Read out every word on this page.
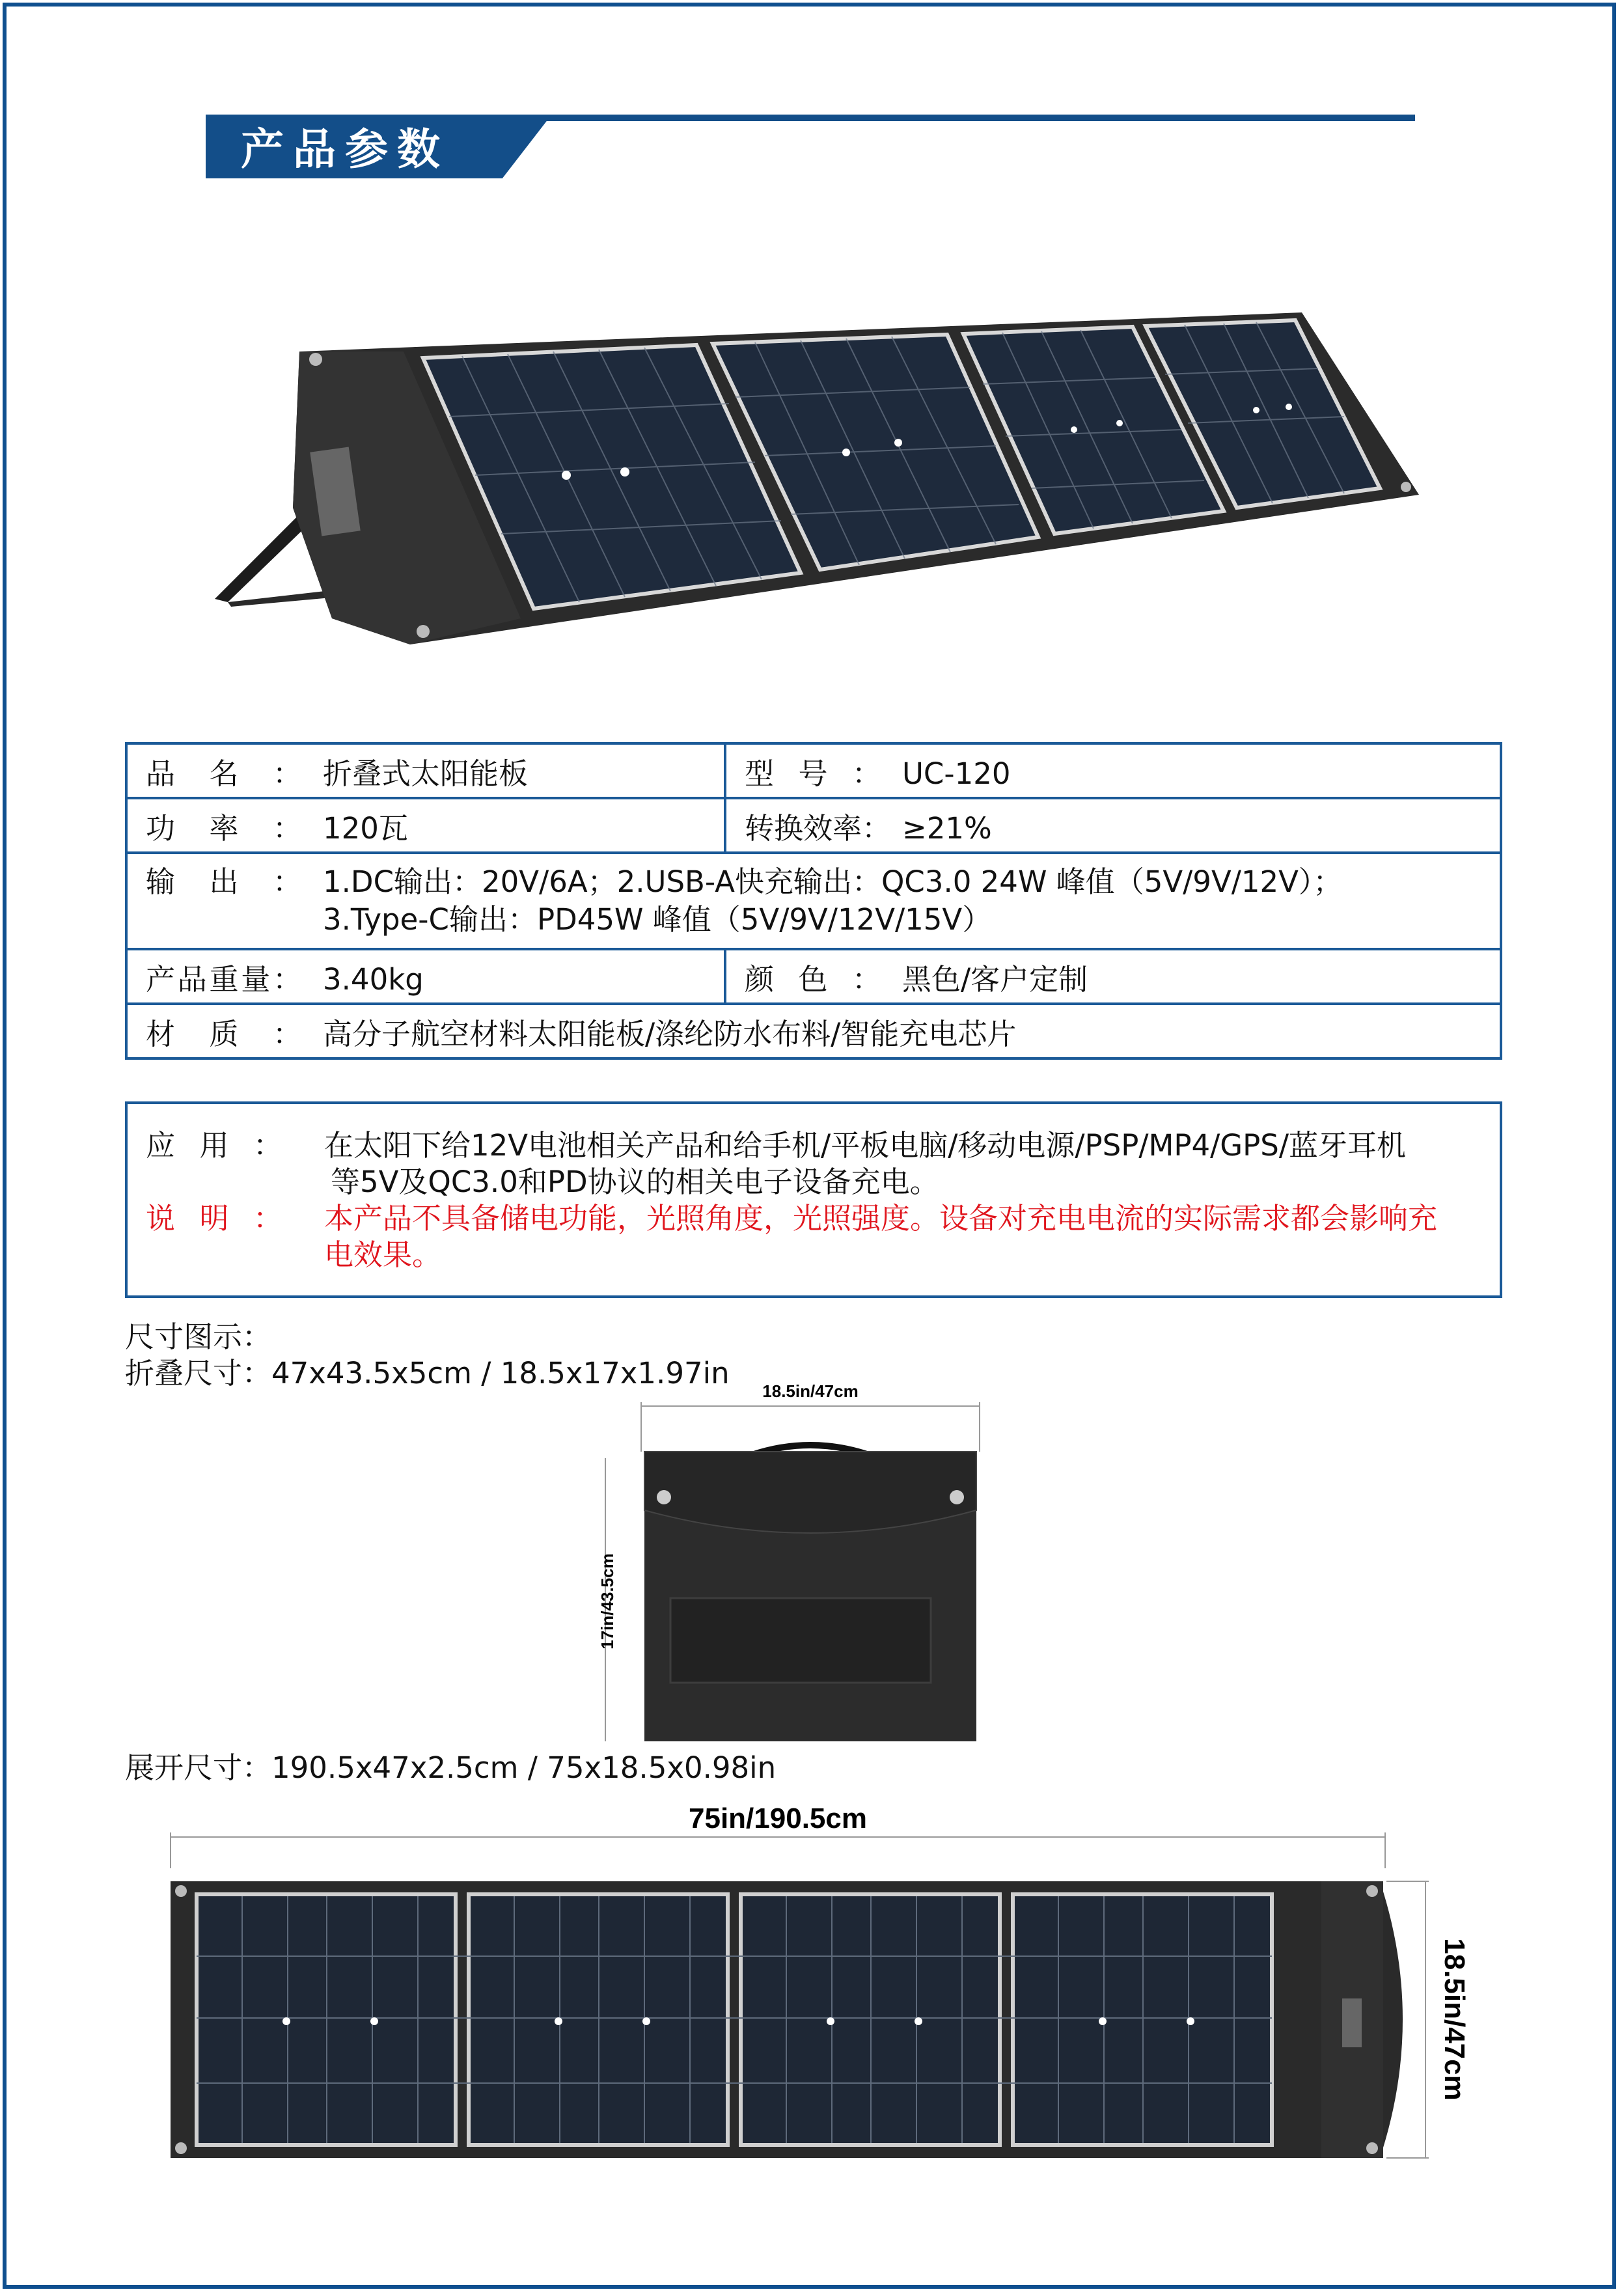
产品参数
品名： 折叠式太阳能板	型号： UC-120
功率： 120瓦	转换效率： ≥21%

输出： 1.DC输出：20V/6A；2.USB-A快充输出：QC3.0 24W 峰值（5V/9V/12V）；
3.Type-C输出：PD45W 峰值（5V/9V/12V/15V）	

产品重量： 3.40kg	颜色： 黑色/客户定制
材质： 高分子航空材料太阳能板/涤纶防水布料/智能充电芯片	
应用： 在太阳下给12V电池相关产品和给手机/平板电脑/移动电源/PSP/MP4/GPS/蓝牙耳机
等5V及QC3.0和PD协议的相关电子设备充电。
说明： 本产品不具备储电功能，光照角度，光照强度。设备对充电电流的实际需求都会影响充
电效果。
尺寸图示：
折叠尺寸：47x43.5x5cm / 18.5x17x1.97in
18.5in/47cm
17in/43.5cm
展开尺寸：190.5x47x2.5cm / 75x18.5x0.98in
75in/190.5cm
18.5in/47cm
